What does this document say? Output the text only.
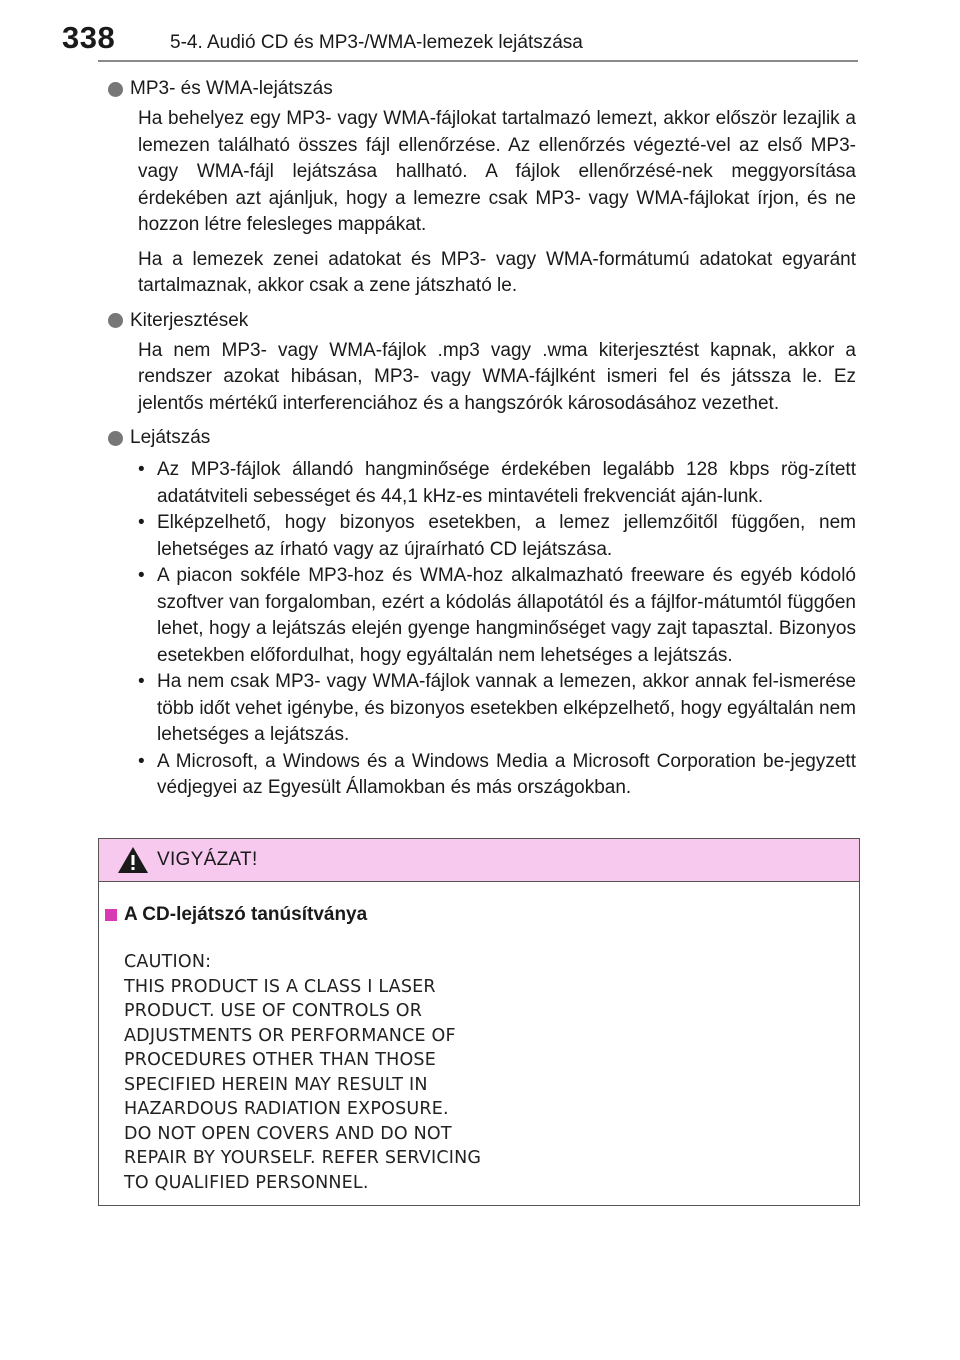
338	5-4. Audió CD és MP3-/WMA-lemezek lejátszása
MP3- és WMA-lejátszás

Ha behelyez egy MP3- vagy WMA-fájlokat tartalmazó lemezt, akkor először lezajlik a lemezen található összes fájl ellenőrzése. Az ellenőrzés végezté-vel az első MP3- vagy WMA-fájl lejátszása hallható. A fájlok ellenőrzésé-nek meggyorsítása érdekében azt ajánljuk, hogy a lemezre csak MP3- vagy WMA-fájlokat írjon, és ne hozzon létre felesleges mappákat.

Ha a lemezek zenei adatokat és MP3- vagy WMA-formátumú adatokat egyaránt tartalmaznak, akkor csak a zene játszható le.

Kiterjesztések

Ha nem MP3- vagy WMA-fájlok .mp3 vagy .wma kiterjesztést kapnak, akkor a rendszer azokat hibásan, MP3- vagy WMA-fájlként ismeri fel és játssza le. Ez jelentős mértékű interferenciához és a hangszórók károsodásához vezethet.

Lejátszás
• Az MP3-fájlok állandó hangminősége érdekében legalább 128 kbps rög-zített adatátviteli sebességet és 44,1 kHz-es mintavételi frekvenciát aján-lunk.
• Elképzelhető, hogy bizonyos esetekben, a lemez jellemzőitől függően, nem lehetséges az írható vagy az újraírható CD lejátszása.
• A piacon sokféle MP3-hoz és WMA-hoz alkalmazható freeware és egyéb kódoló szoftver van forgalomban, ezért a kódolás állapotától és a fájlfor-mátumtól függően lehet, hogy a lejátszás elején gyenge hangminőséget vagy zajt tapasztal. Bizonyos esetekben előfordulhat, hogy egyáltalán nem lehetséges a lejátszás.
• Ha nem csak MP3- vagy WMA-fájlok vannak a lemezen, akkor annak fel-ismerése több időt vehet igénybe, és bizonyos esetekben elképzelhető, hogy egyáltalán nem lehetséges a lejátszás.
• A Microsoft, a Windows és a Windows Media a Microsoft Corporation be-jegyzett védjegyei az Egyesült Államokban és más országokban.
VIGYÁZAT!
A CD-lejátszó tanúsítványa
CAUTION:
THIS PRODUCT IS A CLASS Ⅰ LASER
PRODUCT. USE OF CONTROLS OR
ADJUSTMENTS OR PERFORMANCE OF
PROCEDURES OTHER THAN THOSE
SPECIFIED HEREIN MAY RESULT IN
HAZARDOUS RADIATION EXPOSURE.
DO NOT OPEN COVERS AND DO NOT
REPAIR BY YOURSELF. REFER SERVICING
TO QUALIFIED PERSONNEL.
